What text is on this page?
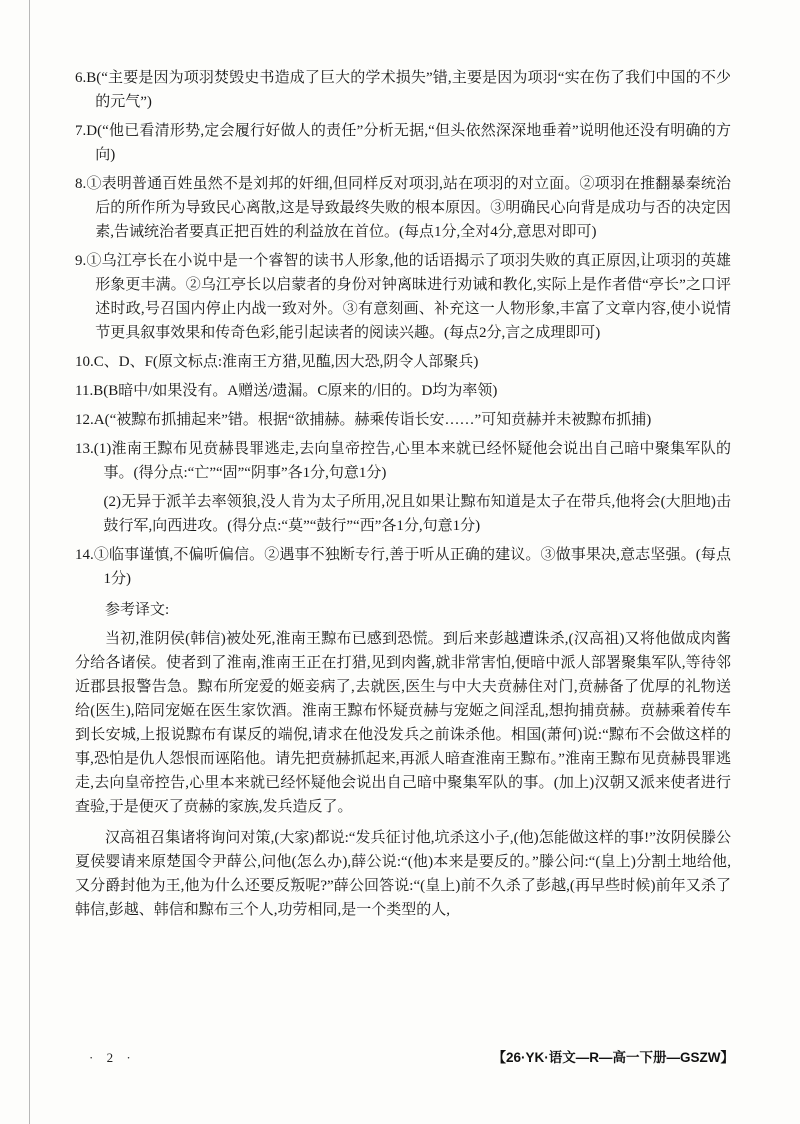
6.B(“主要是因为项羽焚毁史书造成了巨大的学术损失”错,主要是因为项羽“实在伤了我们中国的不少的元气”)

7.D(“他已看清形势,定会履行好做人的责任”分析无据,“但头依然深深地垂着”说明他还没有明确的方向)

8.①表明普通百姓虽然不是刘邦的奸细,但同样反对项羽,站在项羽的对立面。②项羽在推翻暴秦统治后的所作所为导致民心离散,这是导致最终失败的根本原因。③明确民心向背是成功与否的决定因素,告诫统治者要真正把百姓的利益放在首位。(每点1分,全对4分,意思对即可)

9.①乌江亭长在小说中是一个睿智的读书人形象,他的话语揭示了项羽失败的真正原因,让项羽的英雄形象更丰满。②乌江亭长以启蒙者的身份对钟离昧进行劝诫和教化,实际上是作者借“亭长”之口评述时政,号召国内停止内战一致对外。③有意刻画、补充这一人物形象,丰富了文章内容,使小说情节更具叙事效果和传奇色彩,能引起读者的阅读兴趣。(每点2分,言之成理即可)

10.C、D、F(原文标点:淮南王方猎,见醢,因大恐,阴令人部聚兵)

11.B(B暗中/如果没有。A赠送/遗漏。C原来的/旧的。D均为率领)

12.A(“被黥布抓捕起来”错。根据“欲捕赫。赫乘传诣长安……”可知贲赫并未被黥布抓捕)

13.(1)淮南王黥布见贲赫畏罪逃走,去向皇帝控告,心里本来就已经怀疑他会说出自己暗中聚集军队的事。(得分点:“亡”“固”“阴事”各1分,句意1分)

(2)无异于派羊去率领狼,没人肯为太子所用,况且如果让黥布知道是太子在带兵,他将会(大胆地)击鼓行军,向西进攻。(得分点:“莫”“鼓行”“西”各1分,句意1分)

14.①临事谨慎,不偏听偏信。②遇事不独断专行,善于听从正确的建议。③做事果决,意志坚强。(每点1分)

参考译文:

当初,淮阴侯(韩信)被处死,淮南王黥布已感到恐慌。到后来彭越遭诛杀,(汉高祖)又将他做成肉酱分给各诸侯。使者到了淮南,淮南王正在打猎,见到肉酱,就非常害怕,便暗中派人部署聚集军队,等待邻近郡县报警告急。黥布所宠爱的姬妾病了,去就医,医生与中大夫贲赫住对门,贲赫备了优厚的礼物送给(医生),陪同宠姬在医生家饮酒。淮南王黥布怀疑贲赫与宠姬之间淫乱,想拘捕贲赫。贲赫乘着传车到长安城,上报说黥布有谋反的端倪,请求在他没发兵之前诛杀他。相国(萧何)说:“黥布不会做这样的事,恐怕是仇人怨恨而诬陷他。请先把贲赫抓起来,再派人暗查淮南王黥布。”淮南王黥布见贲赫畏罪逃走,去向皇帝控告,心里本来就已经怀疑他会说出自己暗中聚集军队的事。(加上)汉朝又派来使者进行查验,于是便灭了贲赫的家族,发兵造反了。

汉高祖召集诸将询问对策,(大家)都说:“发兵征讨他,坑杀这小子,(他)怎能做这样的事!”汝阴侯滕公夏侯婴请来原楚国令尹薛公,问他(怎么办),薛公说:“(他)本来是要反的。”滕公问:“(皇上)分割土地给他,又分爵封他为王,他为什么还要反叛呢?”薛公回答说:“(皇上)前不久杀了彭越,(再早些时候)前年又杀了韩信,彭越、韩信和黥布三个人,功劳相同,是一个类型的人,

· 2 ·	【26·YK·语文—R—高一下册—GSZW】
